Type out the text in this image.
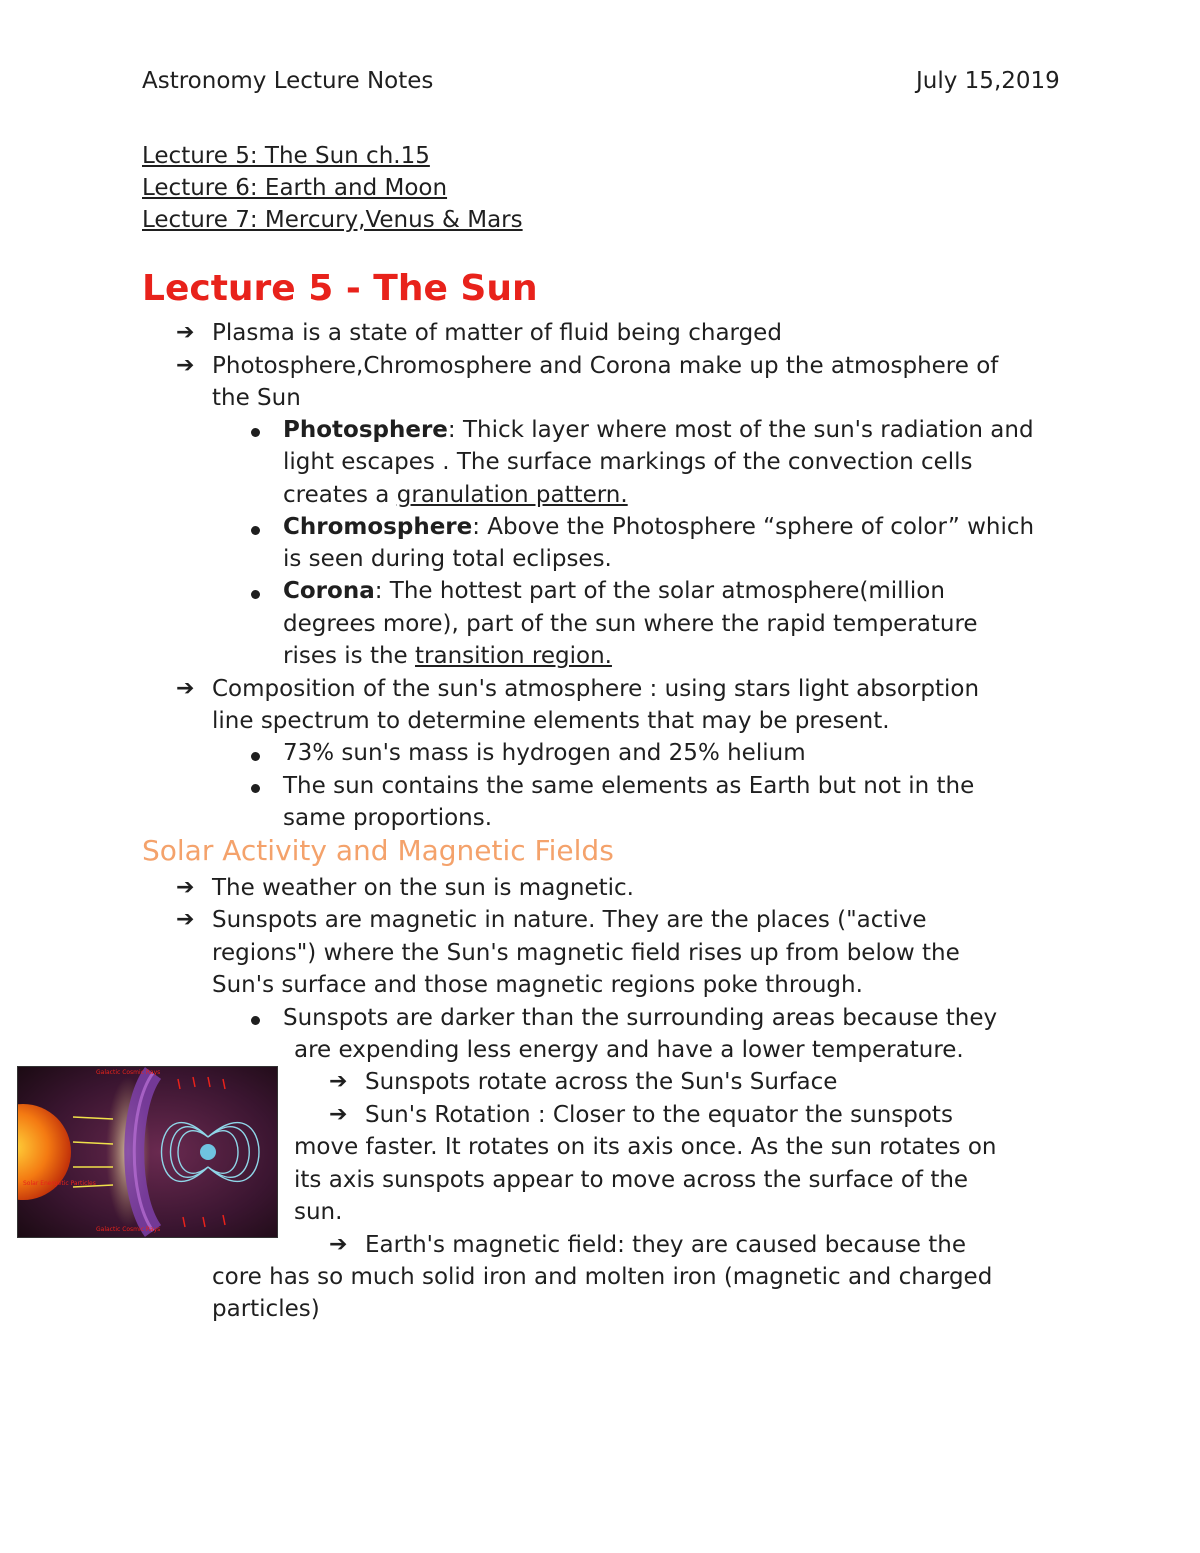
Astronomy Lecture Notes	July 15,2019
Lecture 5: The Sun ch.15
Lecture 6: Earth and Moon
Lecture 7: Mercury,Venus & Mars
Lecture 5 - The Sun
➔ Plasma is a state of matter of fluid being charged
➔ Photosphere,Chromosphere and Corona make up the atmosphere of
the Sun
Photosphere: Thick layer where most of the sun's radiation and
light escapes . The surface markings of the convection cells
creates a granulation pattern.
Chromosphere: Above the Photosphere “sphere of color” which
is seen during total eclipses.
Corona: The hottest part of the solar atmosphere(million
degrees more), part of the sun where the rapid temperature
rises is the transition region.
➔ Composition of the sun's atmosphere : using stars light absorption
line spectrum to determine elements that may be present.
73% sun's mass is hydrogen and 25% helium
The sun contains the same elements as Earth but not in the
same proportions.
Solar Activity and Magnetic Fields
➔ The weather on the sun is magnetic.
➔ Sunspots are magnetic in nature. They are the places ("active
regions") where the Sun's magnetic field rises up from below the
Sun's surface and those magnetic regions poke through.
Sunspots are darker than the surrounding areas because they
are expending less energy and have a lower temperature.
➔ Sunspots rotate across the Sun's Surface
➔ Sun's Rotation : Closer to the equator the sunspots
move faster. It rotates on its axis once. As the sun rotates on
its axis sunspots appear to move across the surface of the
sun.
➔ Earth's magnetic field: they are caused because the
core has so much solid iron and molten iron (magnetic and charged
particles)
Galactic Cosmic Rays
Solar Energetic Particles
Galactic Cosmic Rays
